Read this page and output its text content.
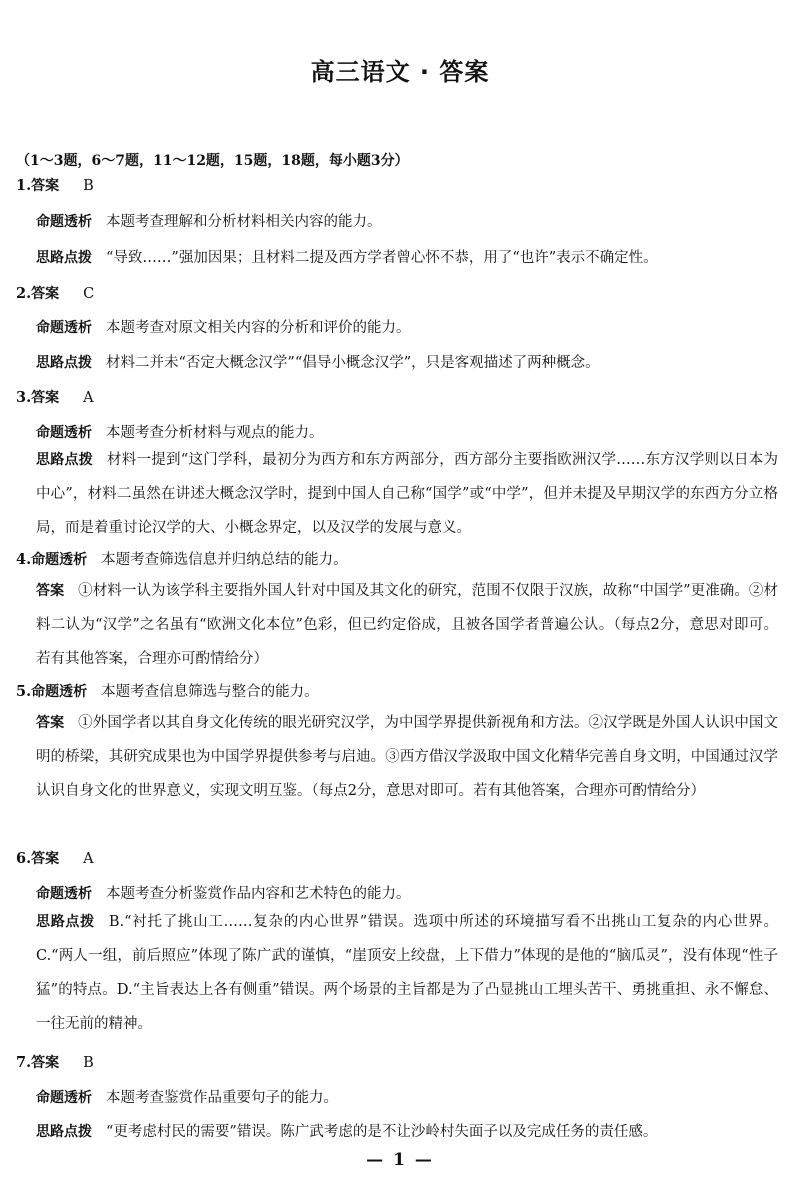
高三语文 · 答案
（1～3题，6～7题，11～12题，15题，18题，每小题3分）
1.答案 B
命题透析 本题考查理解和分析材料相关内容的能力。
思路点拨 “导致……”强加因果；且材料二提及西方学者曾心怀不恭，用了“也许”表示不确定性。
2.答案 C
命题透析 本题考查对原文相关内容的分析和评价的能力。
思路点拨 材料二并未“否定大概念汉学”“倡导小概念汉学”，只是客观描述了两种概念。
3.答案 A
命题透析 本题考查分析材料与观点的能力。
思路点拨 材料一提到“这门学科，最初分为西方和东方两部分，西方部分主要指欧洲汉学……东方汉学则以日本为中心”，材料二虽然在讲述大概念汉学时，提到中国人自己称“国学”或“中学”，但并未提及早期汉学的东西方分立格局，而是着重讨论汉学的大、小概念界定，以及汉学的发展与意义。
4.命题透析 本题考查筛选信息并归纳总结的能力。
答案 ①材料一认为该学科主要指外国人针对中国及其文化的研究，范围不仅限于汉族，故称“中国学”更准确。②材料二认为“汉学”之名虽有“欧洲文化本位”色彩，但已约定俗成，且被各国学者普遍公认。（每点2分，意思对即可。若有其他答案，合理亦可酌情给分）
5.命题透析 本题考查信息筛选与整合的能力。
答案 ①外国学者以其自身文化传统的眼光研究汉学，为中国学界提供新视角和方法。②汉学既是外国人认识中国文明的桥梁，其研究成果也为中国学界提供参考与启迪。③西方借汉学汲取中国文化精华完善自身文明，中国通过汉学认识自身文化的世界意义，实现文明互鉴。（每点2分，意思对即可。若有其他答案，合理亦可酌情给分）
6.答案 A
命题透析 本题考查分析鉴赏作品内容和艺术特色的能力。
思路点拨 B.“衬托了挑山工……复杂的内心世界”错误。选项中所述的环境描写看不出挑山工复杂的内心世界。C.“两人一组，前后照应”体现了陈广武的谨慎，“崖顶安上绞盘，上下借力”体现的是他的“脑瓜灵”，没有体现“性子猛”的特点。D.“主旨表达上各有侧重”错误。两个场景的主旨都是为了凸显挑山工埋头苦干、勇挑重担、永不懈怠、一往无前的精神。
7.答案 B
命题透析 本题考查鉴赏作品重要句子的能力。
思路点拨 “更考虑村民的需要”错误。陈广武考虑的是不让沙岭村失面子以及完成任务的责任感。
— 1 —
